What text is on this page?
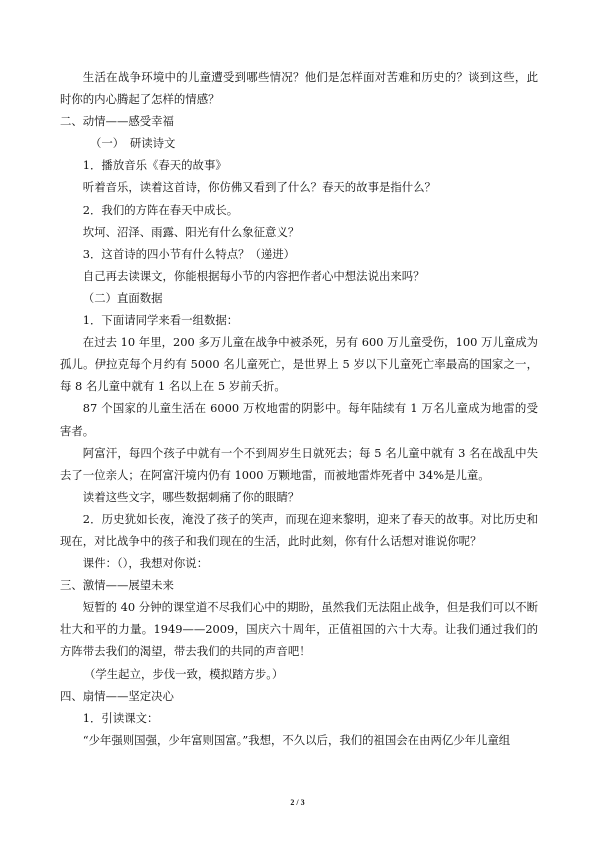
生活在战争环境中的儿童遭受到哪些情况？他们是怎样面对苦难和历史的？谈到这些，此时你的内心腾起了怎样的情感？

二、动情——感受幸福

（一）　研读诗文

1．播放音乐《春天的故事》

听着音乐，读着这首诗，你仿佛又看到了什么？春天的故事是指什么？

2．我们的方阵在春天中成长。

坎坷、沼泽、雨露、阳光有什么象征意义？

3．这首诗的四小节有什么特点？（递进）

自己再去读课文，你能根据每小节的内容把作者心中想法说出来吗？

（二）直面数据

1．下面请同学来看一组数据：

在过去 10 年里，200 多万儿童在战争中被杀死，另有 600 万儿童受伤，100 万儿童成为孤儿。伊拉克每个月约有 5000 名儿童死亡，是世界上 5 岁以下儿童死亡率最高的国家之一，每 8 名儿童中就有 1 名以上在 5 岁前夭折。

87 个国家的儿童生活在 6000 万枚地雷的阴影中。每年陆续有 1 万名儿童成为地雷的受害者。

阿富汗，每四个孩子中就有一个不到周岁生日就死去；每 5 名儿童中就有 3 名在战乱中失去了一位亲人；在阿富汗境内仍有 1000 万颗地雷，而被地雷炸死者中 34%是儿童。

读着这些文字，哪些数据刺痛了你的眼睛？

2．历史犹如长夜，淹没了孩子的笑声，而现在迎来黎明，迎来了春天的故事。对比历史和现在，对比战争中的孩子和我们现在的生活，此时此刻，你有什么话想对谁说你呢？

课件：（），我想对你说：

三、激情——展望未来

短暂的 40 分钟的课堂道不尽我们心中的期盼，虽然我们无法阻止战争，但是我们可以不断壮大和平的力量。1949——2009，国庆六十周年，正值祖国的六十大寿。让我们通过我们的方阵带去我们的渴望，带去我们的共同的声音吧！

（学生起立，步伐一致，模拟踏方步。）

四、扇情——坚定决心

1．引读课文：

“少年强则国强，少年富则国富。”我想，不久以后，我们的祖国会在由两亿少年儿童组

2 / 3
